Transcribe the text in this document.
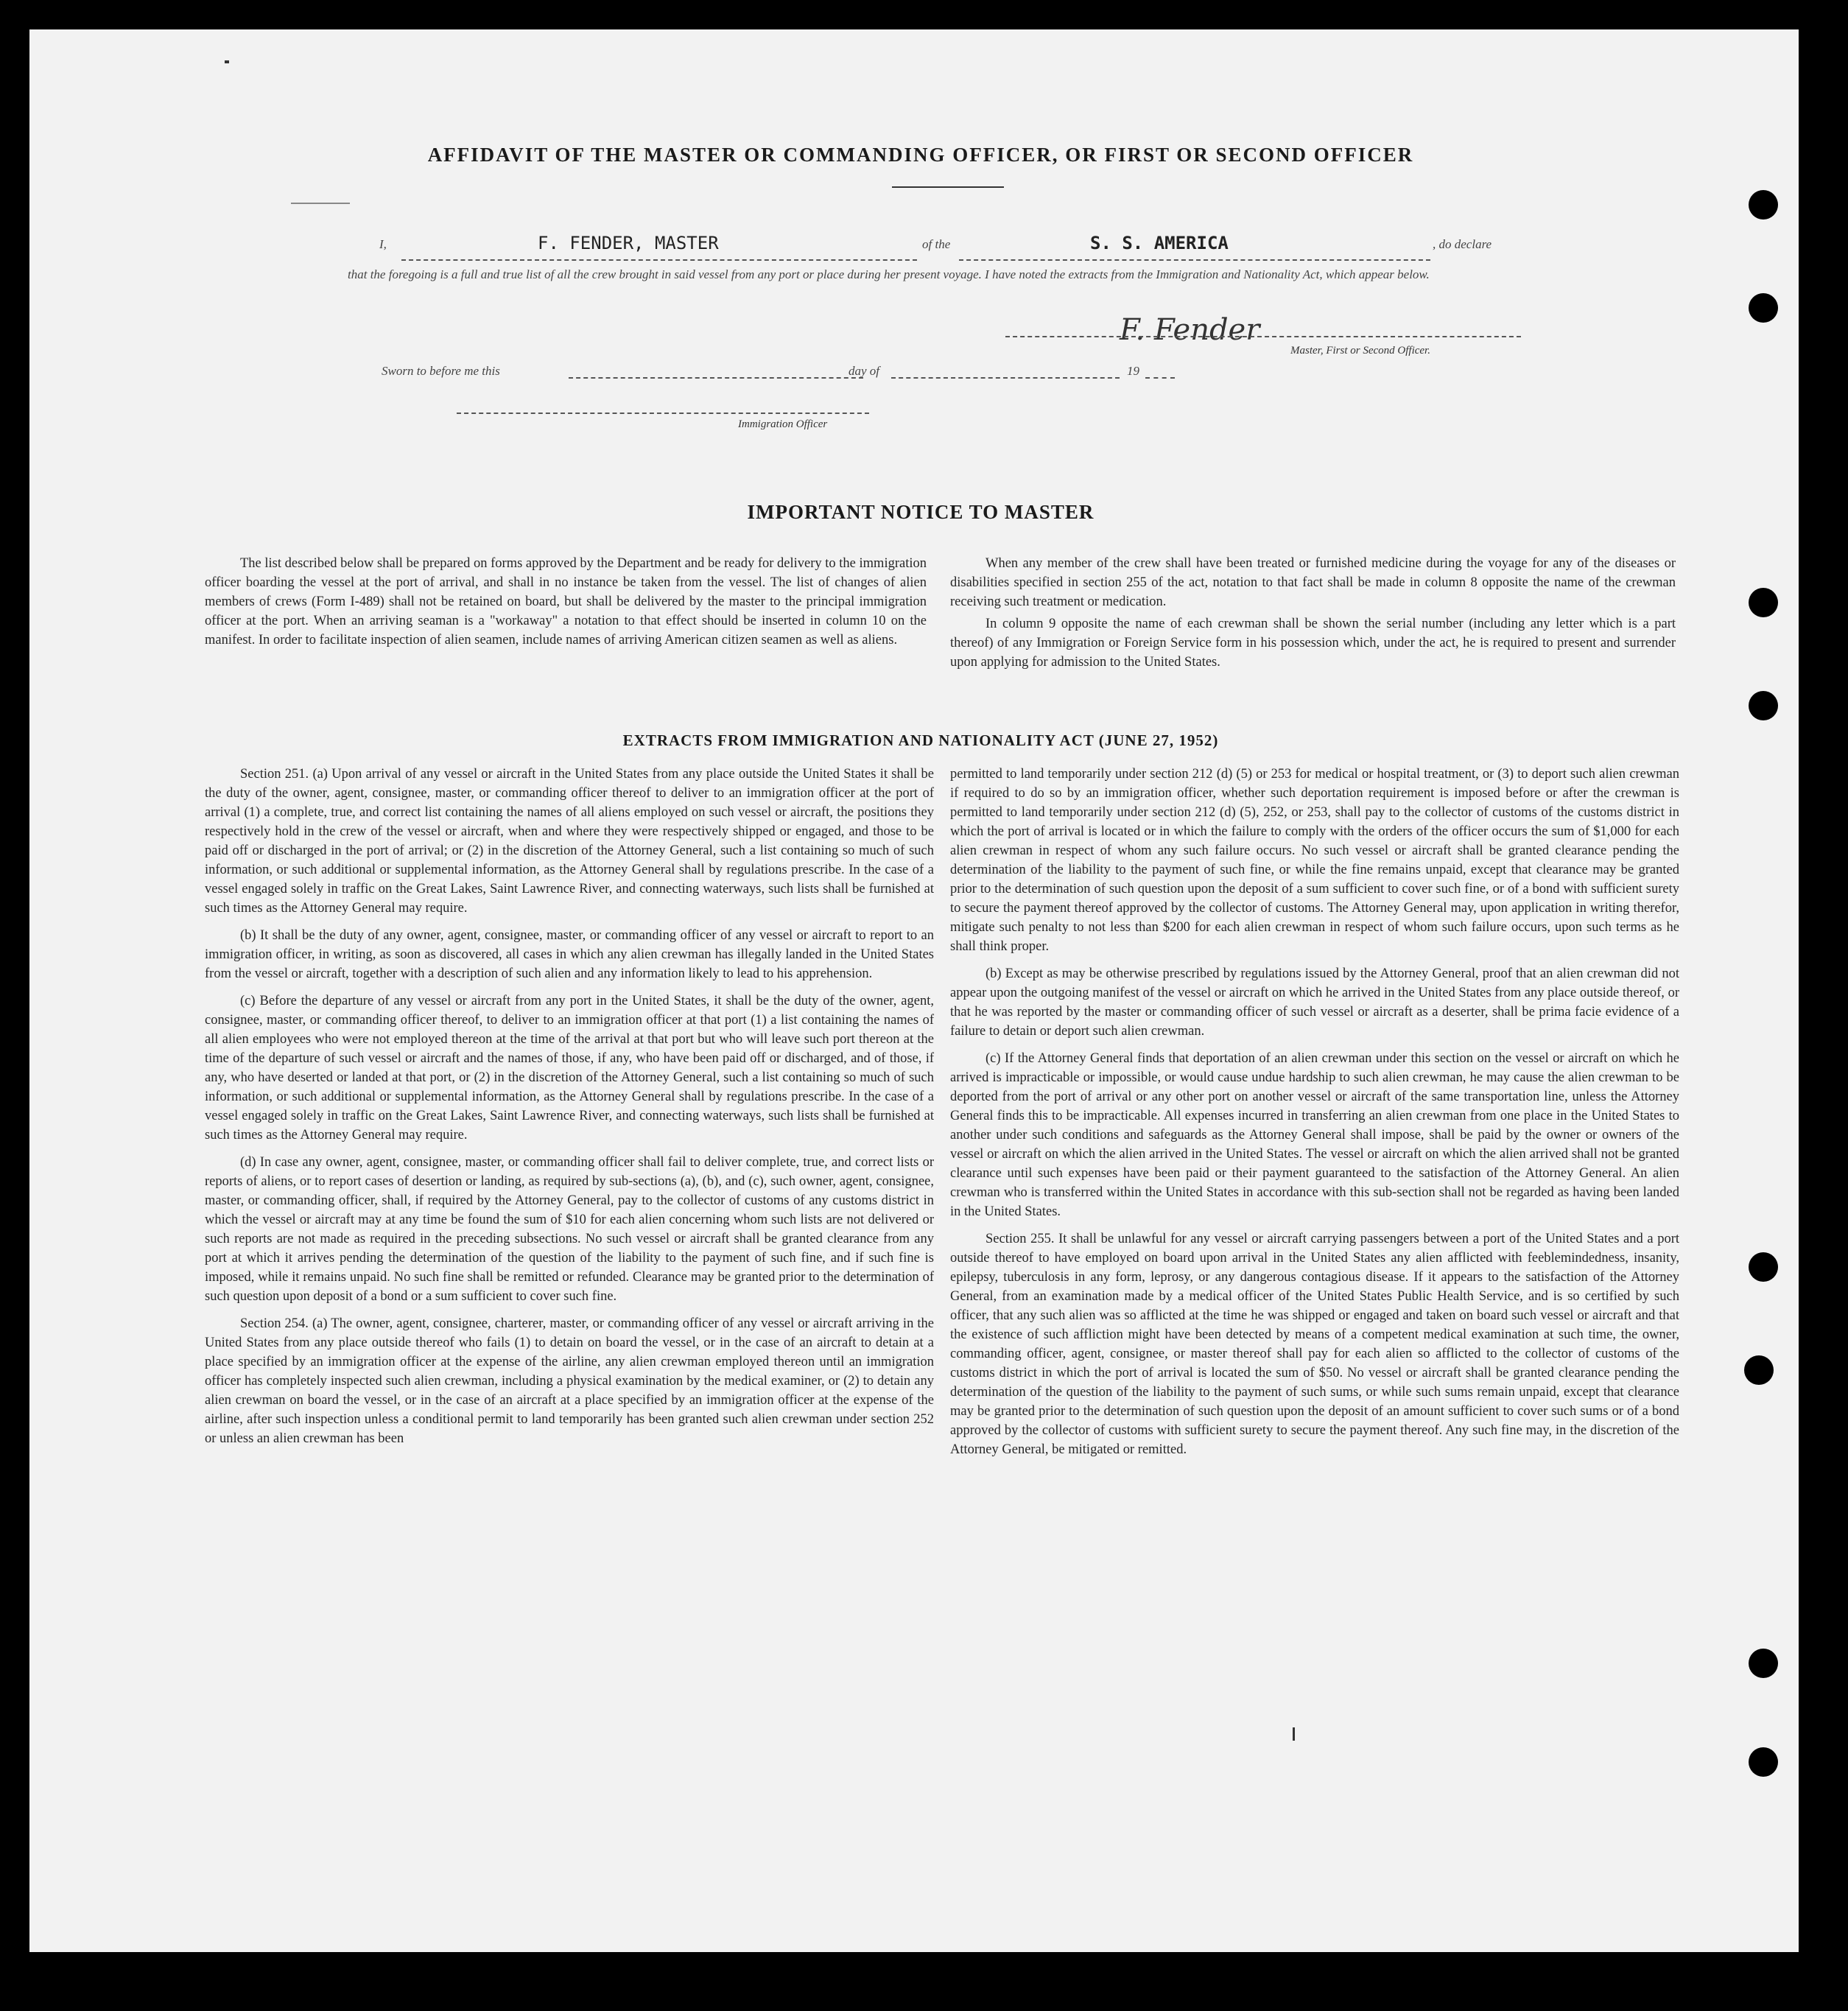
AFFIDAVIT OF THE MASTER OR COMMANDING OFFICER, OR FIRST OR SECOND OFFICER
I,	F. FENDER, MASTER	of the	S. S. AMERICA	, do declare
that the foregoing is a full and true list of all the crew brought in said vessel from any port or place during her present voyage. I have noted the extracts from the Immigration and Nationality Act, which appear below.
F. Fender
Master, First or Second Officer.
Sworn to before me this	day of	19
Immigration Officer
IMPORTANT NOTICE TO MASTER

The list described below shall be prepared on forms approved by the Department and be ready for delivery to the immigration officer boarding the vessel at the port of arrival, and shall in no instance be taken from the vessel. The list of changes of alien members of crews (Form I-489) shall not be retained on board, but shall be delivered by the master to the principal immigration officer at the port. When an arriving seaman is a "workaway" a notation to that effect should be inserted in column 10 on the manifest. In order to facilitate inspection of alien seamen, include names of arriving American citizen seamen as well as aliens.

When any member of the crew shall have been treated or furnished medicine during the voyage for any of the diseases or disabilities specified in section 255 of the act, notation to that fact shall be made in column 8 opposite the name of the crewman receiving such treatment or medication.

In column 9 opposite the name of each crewman shall be shown the serial number (including any letter which is a part thereof) of any Immigration or Foreign Service form in his possession which, under the act, he is required to present and surrender upon applying for admission to the United States.

EXTRACTS FROM IMMIGRATION AND NATIONALITY ACT (JUNE 27, 1952)

Section 251. (a) Upon arrival of any vessel or aircraft in the United States from any place outside the United States it shall be the duty of the owner, agent, consignee, master, or commanding officer thereof to deliver to an immigration officer at the port of arrival (1) a complete, true, and correct list containing the names of all aliens employed on such vessel or aircraft, the positions they respectively hold in the crew of the vessel or aircraft, when and where they were respectively shipped or engaged, and those to be paid off or discharged in the port of arrival; or (2) in the discretion of the Attorney General, such a list containing so much of such information, or such additional or supplemental information, as the Attorney General shall by regulations prescribe. In the case of a vessel engaged solely in traffic on the Great Lakes, Saint Lawrence River, and connecting waterways, such lists shall be furnished at such times as the Attorney General may require.

(b) It shall be the duty of any owner, agent, consignee, master, or commanding officer of any vessel or aircraft to report to an immigration officer, in writing, as soon as discovered, all cases in which any alien crewman has illegally landed in the United States from the vessel or aircraft, together with a description of such alien and any information likely to lead to his apprehension.

(c) Before the departure of any vessel or aircraft from any port in the United States, it shall be the duty of the owner, agent, consignee, master, or commanding officer thereof, to deliver to an immigration officer at that port (1) a list containing the names of all alien employees who were not employed thereon at the time of the arrival at that port but who will leave such port thereon at the time of the departure of such vessel or aircraft and the names of those, if any, who have been paid off or discharged, and of those, if any, who have deserted or landed at that port, or (2) in the discretion of the Attorney General, such a list containing so much of such information, or such additional or supplemental information, as the Attorney General shall by regulations prescribe. In the case of a vessel engaged solely in traffic on the Great Lakes, Saint Lawrence River, and connecting waterways, such lists shall be furnished at such times as the Attorney General may require.

(d) In case any owner, agent, consignee, master, or commanding officer shall fail to deliver complete, true, and correct lists or reports of aliens, or to report cases of desertion or landing, as required by sub-sections (a), (b), and (c), such owner, agent, consignee, master, or commanding officer, shall, if required by the Attorney General, pay to the collector of customs of any customs district in which the vessel or aircraft may at any time be found the sum of $10 for each alien concerning whom such lists are not delivered or such reports are not made as required in the preceding subsections. No such vessel or aircraft shall be granted clearance from any port at which it arrives pending the determination of the question of the liability to the payment of such fine, and if such fine is imposed, while it remains unpaid. No such fine shall be remitted or refunded. Clearance may be granted prior to the determination of such question upon deposit of a bond or a sum sufficient to cover such fine.

Section 254. (a) The owner, agent, consignee, charterer, master, or commanding officer of any vessel or aircraft arriving in the United States from any place outside thereof who fails (1) to detain on board the vessel, or in the case of an aircraft to detain at a place specified by an immigration officer at the expense of the airline, any alien crewman employed thereon until an immigration officer has completely inspected such alien crewman, including a physical examination by the medical examiner, or (2) to detain any alien crewman on board the vessel, or in the case of an aircraft at a place specified by an immigration officer at the expense of the airline, after such inspection unless a conditional permit to land temporarily has been granted such alien crewman under section 252 or unless an alien crewman has been

permitted to land temporarily under section 212 (d) (5) or 253 for medical or hospital treatment, or (3) to deport such alien crewman if required to do so by an immigration officer, whether such deportation requirement is imposed before or after the crewman is permitted to land temporarily under section 212 (d) (5), 252, or 253, shall pay to the collector of customs of the customs district in which the port of arrival is located or in which the failure to comply with the orders of the officer occurs the sum of $1,000 for each alien crewman in respect of whom any such failure occurs. No such vessel or aircraft shall be granted clearance pending the determination of the liability to the payment of such fine, or while the fine remains unpaid, except that clearance may be granted prior to the determination of such question upon the deposit of a sum sufficient to cover such fine, or of a bond with sufficient surety to secure the payment thereof approved by the collector of customs. The Attorney General may, upon application in writing therefor, mitigate such penalty to not less than $200 for each alien crewman in respect of whom such failure occurs, upon such terms as he shall think proper.

(b) Except as may be otherwise prescribed by regulations issued by the Attorney General, proof that an alien crewman did not appear upon the outgoing manifest of the vessel or aircraft on which he arrived in the United States from any place outside thereof, or that he was reported by the master or commanding officer of such vessel or aircraft as a deserter, shall be prima facie evidence of a failure to detain or deport such alien crewman.

(c) If the Attorney General finds that deportation of an alien crewman under this section on the vessel or aircraft on which he arrived is impracticable or impossible, or would cause undue hardship to such alien crewman, he may cause the alien crewman to be deported from the port of arrival or any other port on another vessel or aircraft of the same transportation line, unless the Attorney General finds this to be impracticable. All expenses incurred in transferring an alien crewman from one place in the United States to another under such conditions and safeguards as the Attorney General shall impose, shall be paid by the owner or owners of the vessel or aircraft on which the alien arrived in the United States. The vessel or aircraft on which the alien arrived shall not be granted clearance until such expenses have been paid or their payment guaranteed to the satisfaction of the Attorney General. An alien crewman who is transferred within the United States in accordance with this sub-section shall not be regarded as having been landed in the United States.

Section 255. It shall be unlawful for any vessel or aircraft carrying passengers between a port of the United States and a port outside thereof to have employed on board upon arrival in the United States any alien afflicted with feeblemindedness, insanity, epilepsy, tuberculosis in any form, leprosy, or any dangerous contagious disease. If it appears to the satisfaction of the Attorney General, from an examination made by a medical officer of the United States Public Health Service, and is so certified by such officer, that any such alien was so afflicted at the time he was shipped or engaged and taken on board such vessel or aircraft and that the existence of such affliction might have been detected by means of a competent medical examination at such time, the owner, commanding officer, agent, consignee, or master thereof shall pay for each alien so afflicted to the collector of customs of the customs district in which the port of arrival is located the sum of $50. No vessel or aircraft shall be granted clearance pending the determination of the question of the liability to the payment of such sums, or while such sums remain unpaid, except that clearance may be granted prior to the determination of such question upon the deposit of an amount sufficient to cover such sums or of a bond approved by the collector of customs with sufficient surety to secure the payment thereof. Any such fine may, in the discretion of the Attorney General, be mitigated or remitted.
